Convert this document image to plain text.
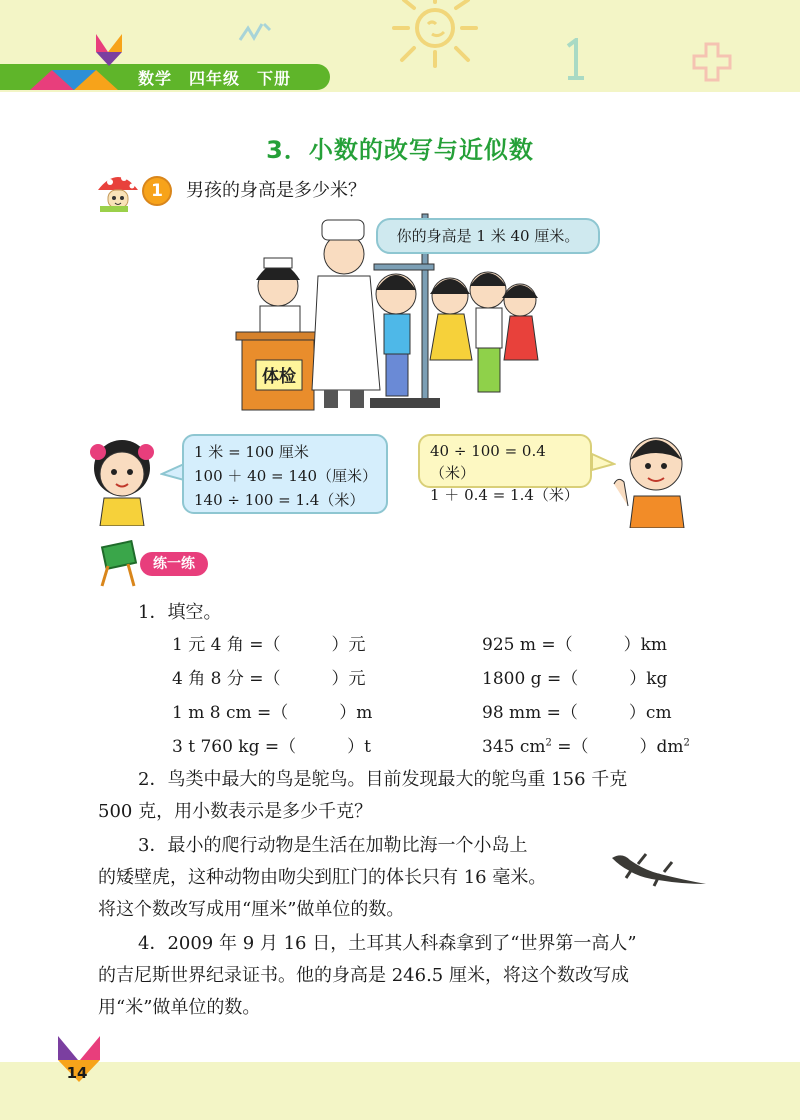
数学　四年级　下册
3．小数的改写与近似数
1	男孩的身高是多少米？
体检
你的身高是 1 米 40 厘米。
1 米 = 100 厘米
100 ＋ 40 = 140（厘米）
140 ÷ 100 = 1.4（米）
40 ÷ 100 = 0.4（米）
1 ＋ 0.4 = 1.4（米）
练一练
1．填空。
1 元 4 角 =（　　　）元
4 角 8 分 =（　　　）元
1 m 8 cm =（　　　）m
3 t 760 kg =（　　　）t
925 m =（　　　）km
1800 g =（　　　）kg
98 mm =（　　　）cm
345 $cm^2$ =（　　　）$dm^2$
2．鸟类中最大的鸟是鸵鸟。目前发现最大的鸵鸟重 156 千克
500 克，用小数表示是多少千克？
3．最小的爬行动物是生活在加勒比海一个小岛上
的矮壁虎，这种动物由吻尖到肛门的体长只有 16 毫米。
将这个数改写成用“厘米”做单位的数。
4．2009 年 9 月 16 日，土耳其人科森拿到了“世界第一高人”
的吉尼斯世界纪录证书。他的身高是 246.5 厘米，将这个数改写成
用“米”做单位的数。
14
